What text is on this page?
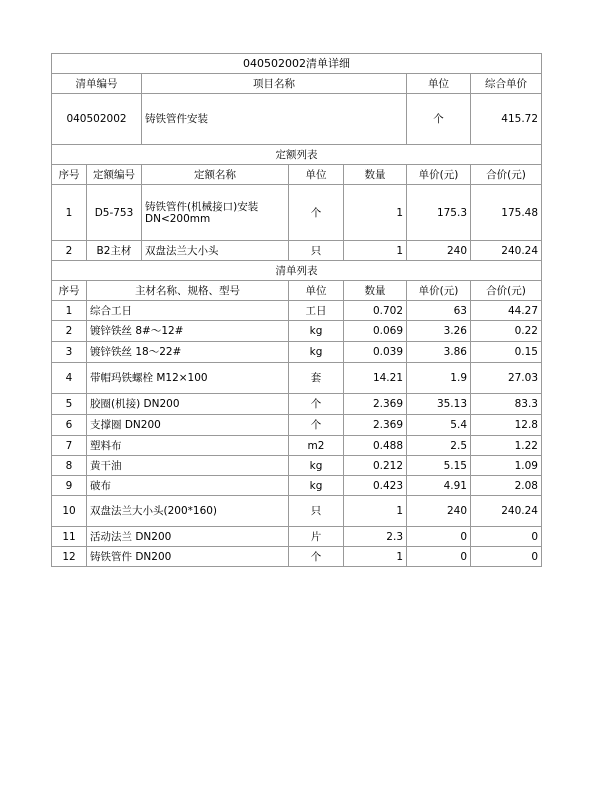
040502002清单详细						
清单编号		项目名称			单位	综合单价
040502002		铸铁管件安装			个	415.72
定额列表						
序号	定额编号	定额名称	单位	数量	单价(元)	合价(元)
1	D5-753	铸铁管件(机械接口)安装 DN<200mm	个	1	175.3	175.48
2	B2主材	双盘法兰大小头	只	1	240	240.24
清单列表						
序号	主材名称、规格、型号	单位	数量	单价(元)	合价(元)
1	综合工日	工日	0.702	63	44.27
2	镀锌铁丝 8#～12#	kg	0.069	3.26	0.22
3	镀锌铁丝 18～22#	kg	0.039	3.86	0.15
4	带帽玛铁螺栓 M12×100	套	14.21	1.9	27.03
5	胶圈(机接) DN200	个	2.369	35.13	83.3
6	支撑圈 DN200	个	2.369	5.4	12.8
7	塑料布	m2	0.488	2.5	1.22
8	黄干油	kg	0.212	5.15	1.09
9	破布	kg	0.423	4.91	2.08
10	双盘法兰大小头(200*160)	只	1	240	240.24
11	活动法兰 DN200	片	2.3	0	0
12	铸铁管件 DN200	个	1	0	0
